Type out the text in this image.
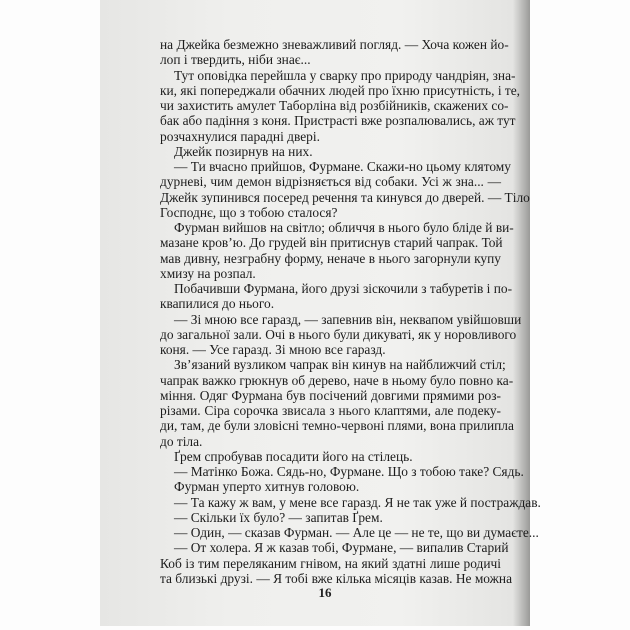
на Джейка безмежно зневажливий погляд. — Хоча кожен йо-
лоп і твердить, ніби знає...
Тут оповідка перейшла у сварку про природу чандріян, зна-
ки, які попереджали обачних людей про їхню присутність, і те,
чи захистить амулет Таборліна від розбійників, скажених со-
бак або падіння з коня. Пристрасті вже розпалювались, аж тут
розчахнулися парадні двері.
Джейк позирнув на них.
— Ти вчасно прийшов, Фурмане. Скажи-но цьому клятому
дурневі, чим демон відрізняється від собаки. Усі ж зна... —
Джейк зупинився посеред речення та кинувся до дверей. — Тіло
Господнє, що з тобою сталося?
Фурман вийшов на світло; обличчя в нього було бліде й ви-
мазане кров’ю. До грудей він притиснув старий чапрак. Той
мав дивну, незграбну форму, неначе в нього загорнули купу
хмизу на розпал.
Побачивши Фурмана, його друзі зіскочили з табуретів і по-
квапилися до нього.
— Зі мною все гаразд, — запевнив він, неквапом увійшовши
до загальної зали. Очі в нього були дикуваті, як у норовливого
коня. — Усе гаразд. Зі мною все гаразд.
Зв’язаний вузликом чапрак він кинув на найближчий стіл;
чапрак важко грюкнув об дерево, наче в ньому було повно ка-
міння. Одяг Фурмана був посічений довгими прямими роз-
різами. Сіра сорочка звисала з нього клаптями, але подеку-
ди, там, де були зловісні темно-червоні плями, вона прилипла
до тіла.
Ґрем спробував посадити його на стілець.
— Матінко Божа. Сядь-но, Фурмане. Що з тобою таке? Сядь.
Фурман уперто хитнув головою.
— Та кажу ж вам, у мене все гаразд. Я не так уже й постраждав.
— Скільки їх було? — запитав Ґрем.
— Один, — сказав Фурман. — Але це — не те, що ви думаєте...
— От холера. Я ж казав тобі, Фурмане, — випалив Старий
Коб із тим переляканим гнівом, на який здатні лише родичі
та близькі друзі. — Я тобі вже кілька місяців казав. Не можна
16
